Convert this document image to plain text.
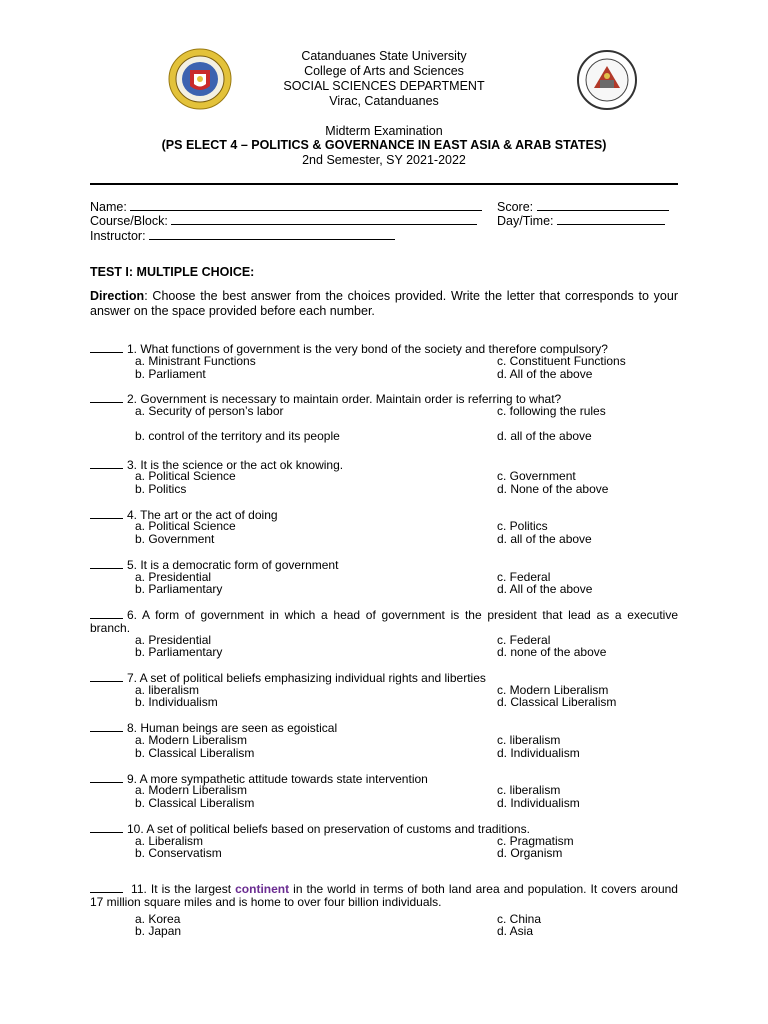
Catanduanes State University
College of Arts and Sciences
SOCIAL SCIENCES DEPARTMENT
Virac, Catanduanes
Midterm Examination
(PS ELECT 4 – POLITICS & GOVERNANCE IN EAST ASIA & ARAB STATES)
2nd Semester, SY 2021-2022
Name:	Score:
Course/Block:	Day/Time:
Instructor:
TEST I: MULTIPLE CHOICE:
Direction: Choose the best answer from the choices provided. Write the letter that corresponds to your answer on the space provided before each number.
1. What functions of government is the very bond of the society and therefore compulsory?
a. Ministrant Functions	c. Constituent Functions
b. Parliament	d. All of the above
2. Government is necessary to maintain order. Maintain order is referring to what?
a. Security of person’s labor	c. following the rules
b. control of the territory and its people	d. all of the above
3. It is the science or the act ok knowing.
a. Political Science	c. Government
b. Politics	d. None of the above
4. The art or the act of doing
a. Political Science	c. Politics
b. Government	d. all of the above
5. It is a democratic form of government
a. Presidential	c. Federal
b. Parliamentary	d. All of the above
6. A form of government in which a head of government is the president that lead as a executive branch.
a. Presidential	c. Federal
b. Parliamentary	d. none of the above
7. A set of political beliefs emphasizing individual rights and liberties
a. liberalism	c. Modern Liberalism
b. Individualism	d. Classical Liberalism
8. Human beings are seen as egoistical
a. Modern Liberalism	c. liberalism
b. Classical Liberalism	d. Individualism
9. A more sympathetic attitude towards state intervention
a. Modern Liberalism	c. liberalism
b. Classical Liberalism	d. Individualism
10. A set of political beliefs based on preservation of customs and traditions.
a. Liberalism	c. Pragmatism
b. Conservatism	d. Organism
11. It is the largest continent in the world in terms of both land area and population. It covers around 17 million square miles and is home to over four billion individuals.
a. Korea	c. China
b. Japan	d. Asia
